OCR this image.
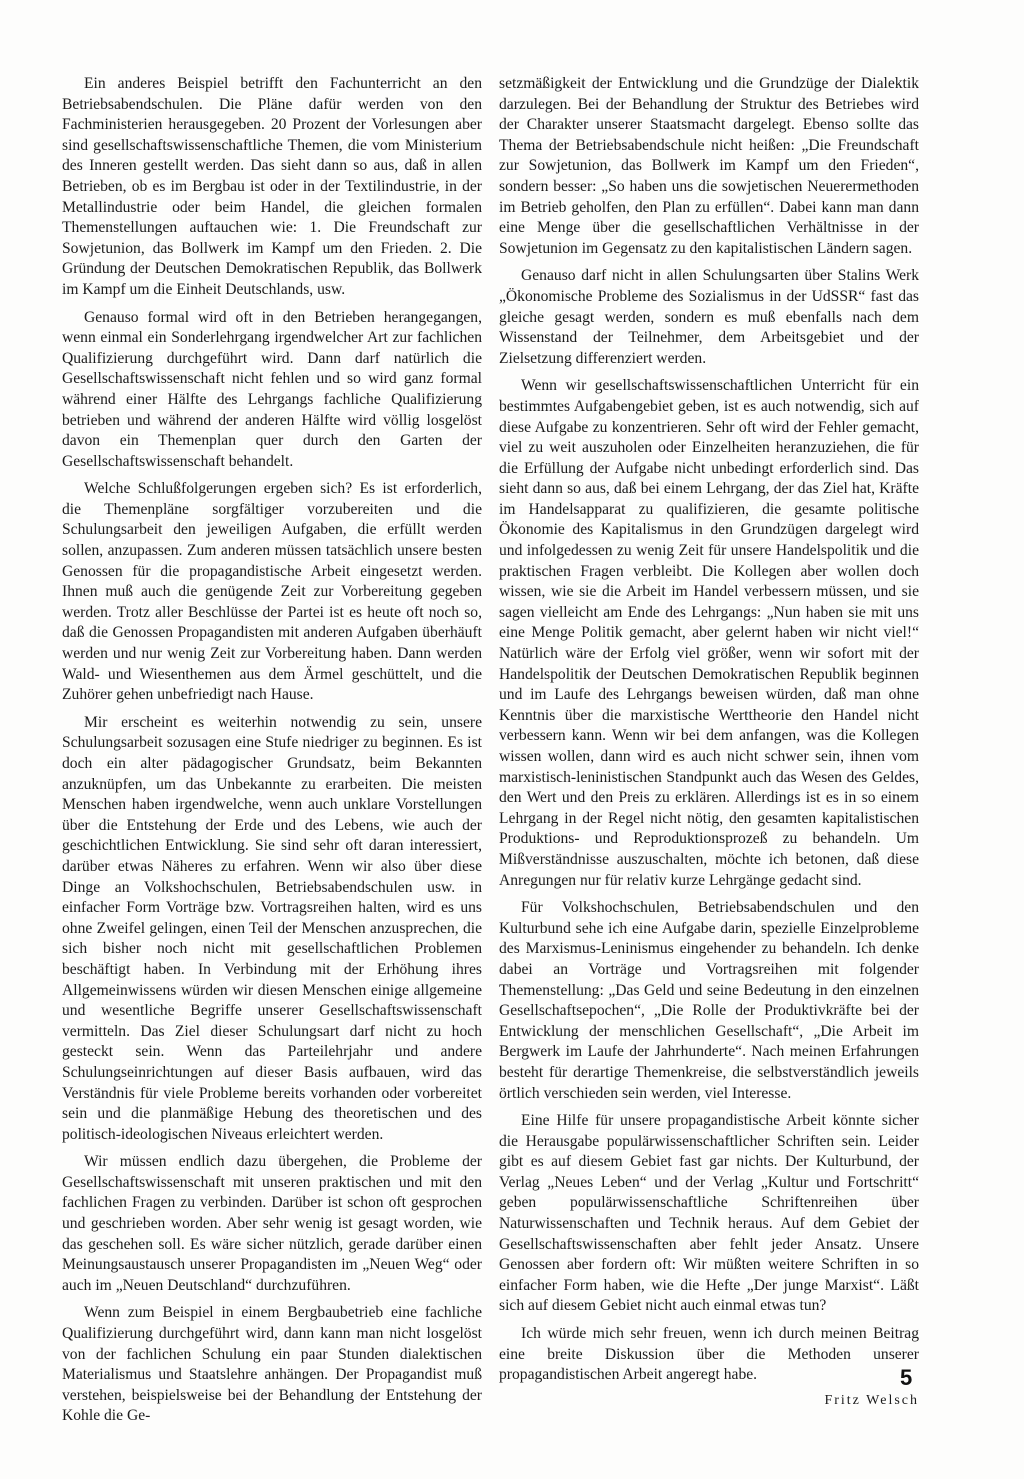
Ein anderes Beispiel betrifft den Fachunterricht an den Betriebsabendschulen. Die Pläne dafür werden von den Fachministerien herausgegeben. 20 Prozent der Vorlesungen aber sind gesellschaftswissenschaftliche Themen, die vom Ministerium des Inneren gestellt werden. Das sieht dann so aus, daß in allen Betrieben, ob es im Bergbau ist oder in der Textilindustrie, in der Metallindustrie oder beim Handel, die gleichen formalen Themenstellungen auftauchen wie: 1. Die Freundschaft zur Sowjetunion, das Bollwerk im Kampf um den Frieden. 2. Die Gründung der Deutschen Demokratischen Republik, das Bollwerk im Kampf um die Einheit Deutschlands, usw.

Genauso formal wird oft in den Betrieben herangegangen, wenn einmal ein Sonderlehrgang irgendwelcher Art zur fachlichen Qualifizierung durchgeführt wird. Dann darf natürlich die Gesellschaftswissenschaft nicht fehlen und so wird ganz formal während einer Hälfte des Lehrgangs fachliche Qualifizierung betrieben und während der anderen Hälfte wird völlig losgelöst davon ein Themenplan quer durch den Garten der Gesellschaftswissenschaft behandelt.

Welche Schlußfolgerungen ergeben sich? Es ist erforderlich, die Themenpläne sorgfältiger vorzubereiten und die Schulungsarbeit den jeweiligen Aufgaben, die erfüllt werden sollen, anzupassen. Zum anderen müssen tatsächlich unsere besten Genossen für die propagandistische Arbeit eingesetzt werden. Ihnen muß auch die genügende Zeit zur Vorbereitung gegeben werden. Trotz aller Beschlüsse der Partei ist es heute oft noch so, daß die Genossen Propagandisten mit anderen Aufgaben überhäuft werden und nur wenig Zeit zur Vorbereitung haben. Dann werden Wald- und Wiesenthemen aus dem Ärmel geschüttelt, und die Zuhörer gehen unbefriedigt nach Hause.

Mir erscheint es weiterhin notwendig zu sein, unsere Schulungsarbeit sozusagen eine Stufe niedriger zu beginnen. Es ist doch ein alter pädagogischer Grundsatz, beim Bekannten anzuknüpfen, um das Unbekannte zu erarbeiten. Die meisten Menschen haben irgendwelche, wenn auch unklare Vorstellungen über die Entstehung der Erde und des Lebens, wie auch der geschichtlichen Entwicklung. Sie sind sehr oft daran interessiert, darüber etwas Näheres zu erfahren. Wenn wir also über diese Dinge an Volkshochschulen, Betriebsabendschulen usw. in einfacher Form Vorträge bzw. Vortragsreihen halten, wird es uns ohne Zweifel gelingen, einen Teil der Menschen anzusprechen, die sich bisher noch nicht mit gesellschaftlichen Problemen beschäftigt haben. In Verbindung mit der Erhöhung ihres Allgemeinwissens würden wir diesen Menschen einige allgemeine und wesentliche Begriffe unserer Gesellschaftswissenschaft vermitteln. Das Ziel dieser Schulungsart darf nicht zu hoch gesteckt sein. Wenn das Parteilehrjahr und andere Schulungseinrichtungen auf dieser Basis aufbauen, wird das Verständnis für viele Probleme bereits vorhanden oder vorbereitet sein und die planmäßige Hebung des theoretischen und des politisch-ideologischen Niveaus erleichtert werden.

Wir müssen endlich dazu übergehen, die Probleme der Gesellschaftswissenschaft mit unseren praktischen und mit den fachlichen Fragen zu verbinden. Darüber ist schon oft gesprochen und geschrieben worden. Aber sehr wenig ist gesagt worden, wie das geschehen soll. Es wäre sicher nützlich, gerade darüber einen Meinungsaustausch unserer Propagandisten im „Neuen Weg“ oder auch im „Neuen Deutschland“ durchzuführen.

Wenn zum Beispiel in einem Bergbaubetrieb eine fachliche Qualifizierung durchgeführt wird, dann kann man nicht losgelöst von der fachlichen Schulung ein paar Stunden dialektischen Materialismus und Staatslehre anhängen. Der Propagandist muß verstehen, beispielsweise bei der Behandlung der Entstehung der Kohle die Ge-

setzmäßigkeit der Entwicklung und die Grundzüge der Dialektik darzulegen. Bei der Behandlung der Struktur des Betriebes wird der Charakter unserer Staatsmacht dargelegt. Ebenso sollte das Thema der Betriebsabendschule nicht heißen: „Die Freundschaft zur Sowjetunion, das Bollwerk im Kampf um den Frieden“, sondern besser: „So haben uns die sowjetischen Neuerermethoden im Betrieb geholfen, den Plan zu erfüllen“. Dabei kann man dann eine Menge über die gesellschaftlichen Verhältnisse in der Sowjetunion im Gegensatz zu den kapitalistischen Ländern sagen.

Genauso darf nicht in allen Schulungsarten über Stalins Werk „Ökonomische Probleme des Sozialismus in der UdSSR“ fast das gleiche gesagt werden, sondern es muß ebenfalls nach dem Wissenstand der Teilnehmer, dem Arbeitsgebiet und der Zielsetzung differenziert werden.

Wenn wir gesellschaftswissenschaftlichen Unterricht für ein bestimmtes Aufgabengebiet geben, ist es auch notwendig, sich auf diese Aufgabe zu konzentrieren. Sehr oft wird der Fehler gemacht, viel zu weit auszuholen oder Einzelheiten heranzuziehen, die für die Erfüllung der Aufgabe nicht unbedingt erforderlich sind. Das sieht dann so aus, daß bei einem Lehrgang, der das Ziel hat, Kräfte im Handelsapparat zu qualifizieren, die gesamte politische Ökonomie des Kapitalismus in den Grundzügen dargelegt wird und infolgedessen zu wenig Zeit für unsere Handelspolitik und die praktischen Fragen verbleibt. Die Kollegen aber wollen doch wissen, wie sie die Arbeit im Handel verbessern müssen, und sie sagen vielleicht am Ende des Lehrgangs: „Nun haben sie mit uns eine Menge Politik gemacht, aber gelernt haben wir nicht viel!“ Natürlich wäre der Erfolg viel größer, wenn wir sofort mit der Handelspolitik der Deutschen Demokratischen Republik beginnen und im Laufe des Lehrgangs beweisen würden, daß man ohne Kenntnis über die marxistische Werttheorie den Handel nicht verbessern kann. Wenn wir bei dem anfangen, was die Kollegen wissen wollen, dann wird es auch nicht schwer sein, ihnen vom marxistisch-leninistischen Standpunkt auch das Wesen des Geldes, den Wert und den Preis zu erklären. Allerdings ist es in so einem Lehrgang in der Regel nicht nötig, den gesamten kapitalistischen Produktions- und Reproduktionsprozeß zu behandeln. Um Mißverständnisse auszuschalten, möchte ich betonen, daß diese Anregungen nur für relativ kurze Lehrgänge gedacht sind.

Für Volkshochschulen, Betriebsabendschulen und den Kulturbund sehe ich eine Aufgabe darin, spezielle Einzelprobleme des Marxismus-Leninismus eingehender zu behandeln. Ich denke dabei an Vorträge und Vortragsreihen mit folgender Themenstellung: „Das Geld und seine Bedeutung in den einzelnen Gesellschaftsepochen“, „Die Rolle der Produktivkräfte bei der Entwicklung der menschlichen Gesellschaft“, „Die Arbeit im Bergwerk im Laufe der Jahrhunderte“. Nach meinen Erfahrungen besteht für derartige Themenkreise, die selbstverständlich jeweils örtlich verschieden sein werden, viel Interesse.

Eine Hilfe für unsere propagandistische Arbeit könnte sicher die Herausgabe populärwissenschaftlicher Schriften sein. Leider gibt es auf diesem Gebiet fast gar nichts. Der Kulturbund, der Verlag „Neues Leben“ und der Verlag „Kultur und Fortschritt“ geben populärwissenschaftliche Schriftenreihen über Naturwissenschaften und Technik heraus. Auf dem Gebiet der Gesellschaftswissenschaften aber fehlt jeder Ansatz. Unsere Genossen aber fordern oft: Wir müßten weitere Schriften in so einfacher Form haben, wie die Hefte „Der junge Marxist“. Läßt sich auf diesem Gebiet nicht auch einmal etwas tun?

Ich würde mich sehr freuen, wenn ich durch meinen Beitrag eine breite Diskussion über die Methoden unserer propagandistischen Arbeit angeregt habe.

Fritz Welsch
5
